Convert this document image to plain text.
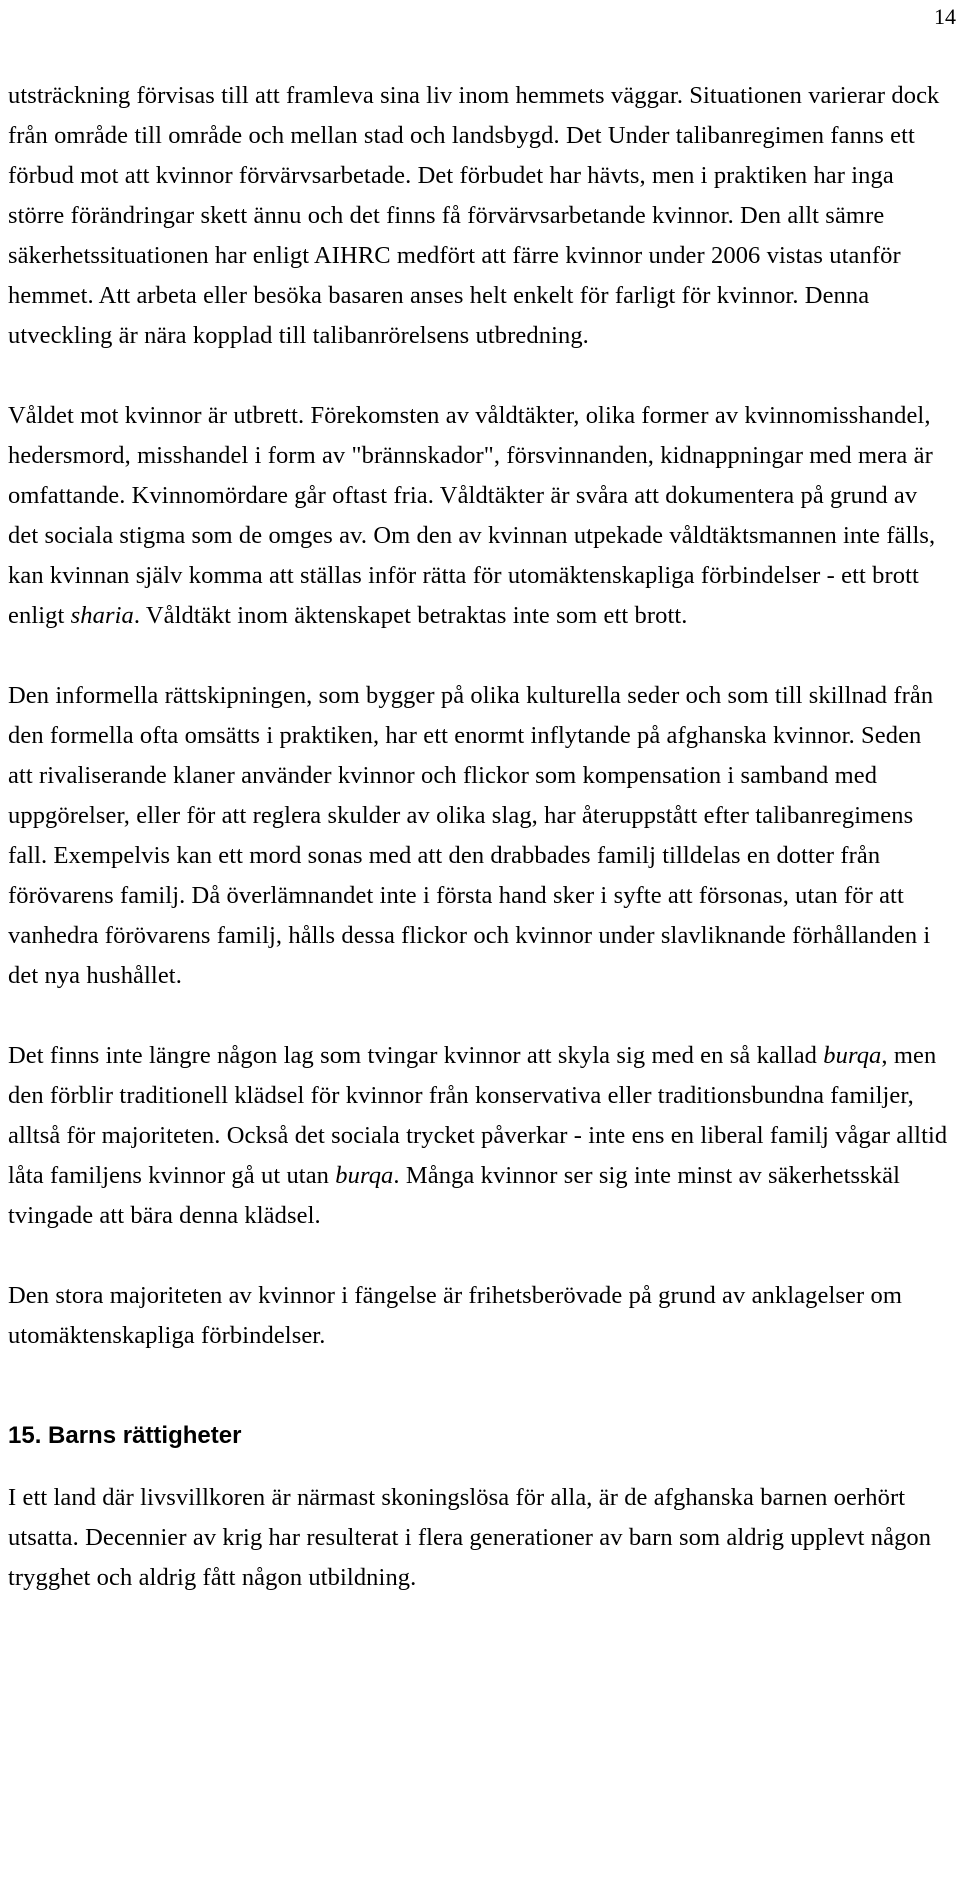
14

utsträckning förvisas till att framleva sina liv inom hemmets väggar. Situationen varierar dock från område till område och mellan stad och landsbygd. Det Under talibanregimen fanns ett förbud mot att kvinnor förvärvsarbetade. Det förbudet har hävts, men i praktiken har inga större förändringar skett ännu och det finns få förvärvsarbetande kvinnor. Den allt sämre säkerhetssituationen har enligt AIHRC medfört att färre kvinnor under 2006 vistas utanför hemmet. Att arbeta eller besöka basaren anses helt enkelt för farligt för kvinnor. Denna utveckling är nära kopplad till talibanrörelsens utbredning.

Våldet mot kvinnor är utbrett. Förekomsten av våldtäkter, olika former av kvinnomisshandel, hedersmord, misshandel i form av "brännskador", försvinnanden, kidnappningar med mera är omfattande. Kvinnomördare går oftast fria. Våldtäkter är svåra att dokumentera på grund av det sociala stigma som de omges av. Om den av kvinnan utpekade våldtäktsmannen inte fälls, kan kvinnan själv komma att ställas inför rätta för utomäktenskapliga förbindelser - ett brott enligt sharia. Våldtäkt inom äktenskapet betraktas inte som ett brott.

Den informella rättskipningen, som bygger på olika kulturella seder och som till skillnad från den formella ofta omsätts i praktiken, har ett enormt inflytande på afghanska kvinnor. Seden att rivaliserande klaner använder kvinnor och flickor som kompensation i samband med uppgörelser, eller för att reglera skulder av olika slag, har återuppstått efter talibanregimens fall. Exempelvis kan ett mord sonas med att den drabbades familj tilldelas en dotter från förövarens familj. Då överlämnandet inte i första hand sker i syfte att försonas, utan för att vanhedra förövarens familj, hålls dessa flickor och kvinnor under slavliknande förhållanden i det nya hushållet.

Det finns inte längre någon lag som tvingar kvinnor att skyla sig med en så kallad burqa, men den förblir traditionell klädsel för kvinnor från konservativa eller traditionsbundna familjer, alltså för majoriteten. Också det sociala trycket påverkar - inte ens en liberal familj vågar alltid låta familjens kvinnor gå ut utan burqa. Många kvinnor ser sig inte minst av säkerhetsskäl tvingade att bära denna klädsel.

Den stora majoriteten av kvinnor i fängelse är frihetsberövade på grund av anklagelser om utomäktenskapliga förbindelser.

15. Barns rättigheter

I ett land där livsvillkoren är närmast skoningslösa för alla, är de afghanska barnen oerhört utsatta. Decennier av krig har resulterat i flera generationer av barn som aldrig upplevt någon trygghet och aldrig fått någon utbildning.
